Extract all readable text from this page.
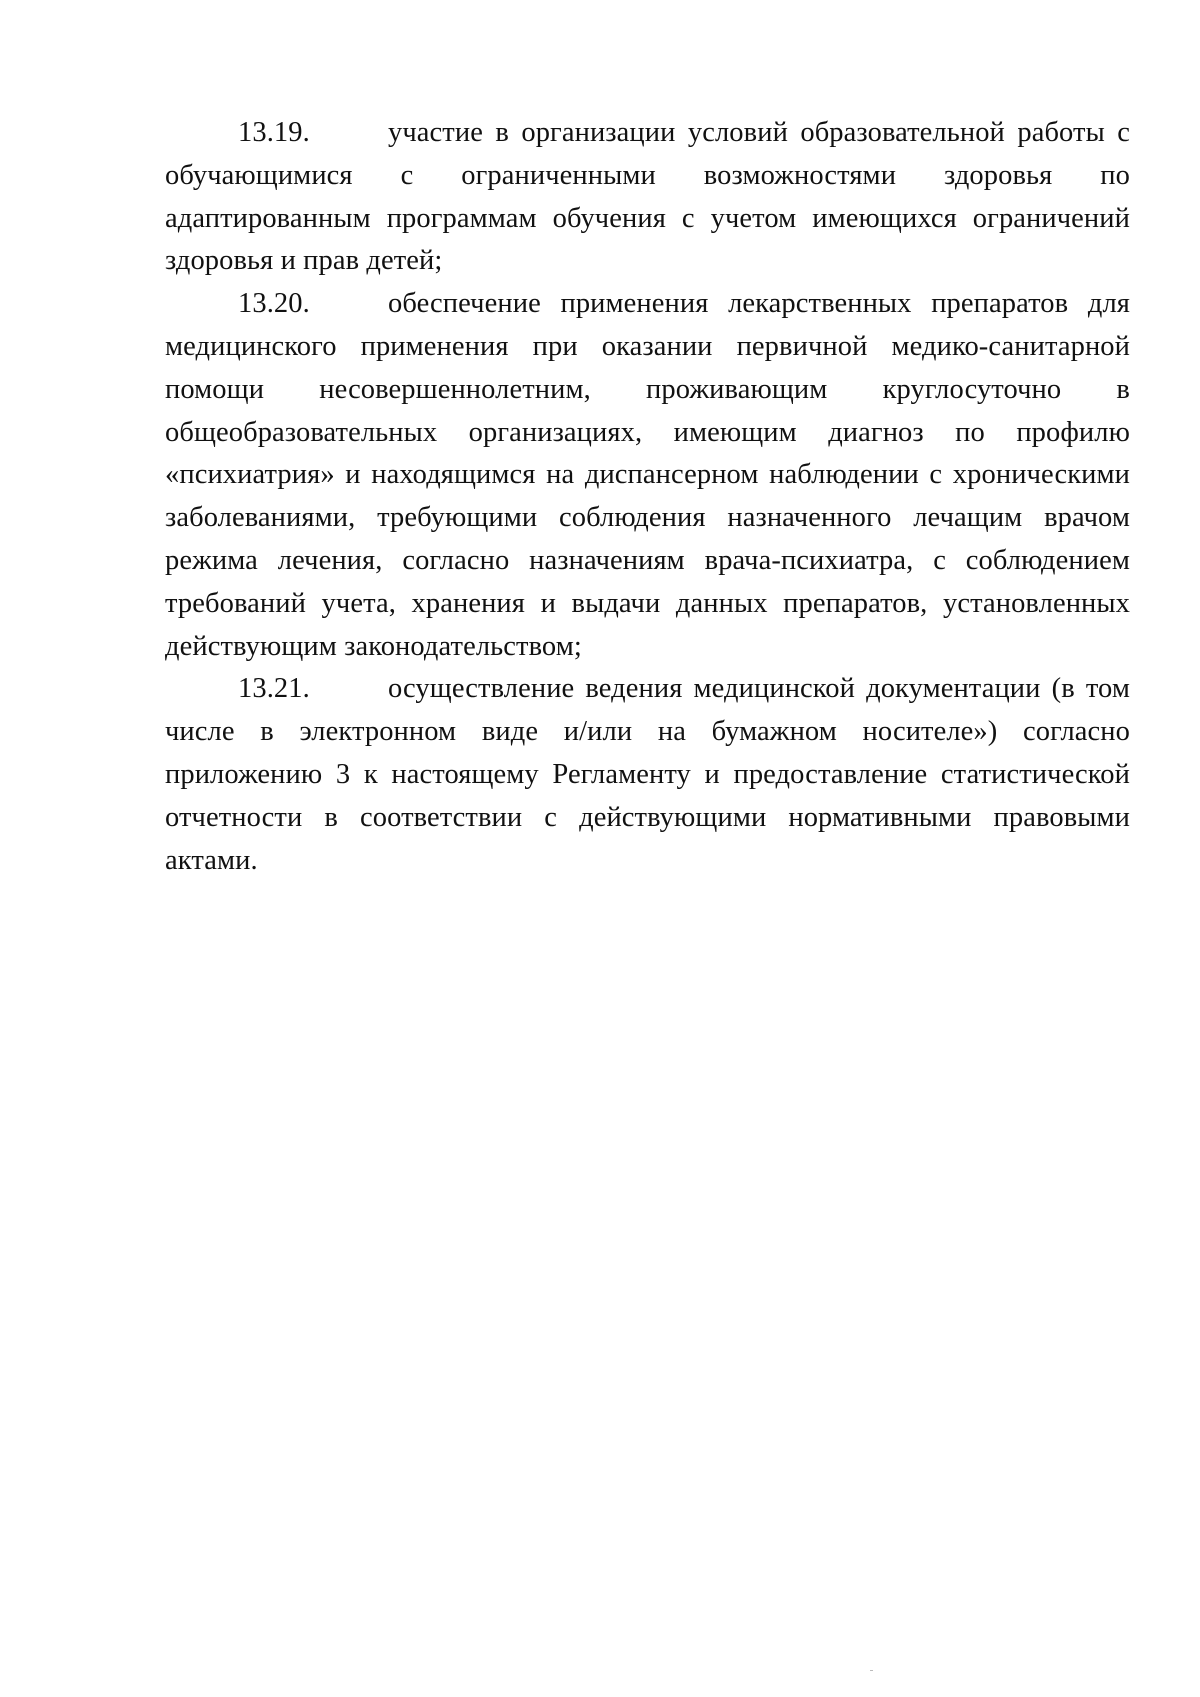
13.19.	участие в организации условий образовательной работы с обучающимися с ограниченными возможностями здоровья по адаптированным программам обучения с учетом имеющихся ограничений здоровья и прав детей;

13.20.	обеспечение применения лекарственных препаратов для медицинского применения при оказании первичной медико-санитарной помощи несовершеннолетним, проживающим круглосуточно в общеобразовательных организациях, имеющим диагноз по профилю «психиатрия» и находящимся на диспансерном наблюдении с хроническими заболеваниями, требующими соблюдения назначенного лечащим врачом режима лечения, согласно назначениям врача-психиатра, с соблюдением требований учета, хранения и выдачи данных препаратов, установленных действующим законодательством;

13.21.	осуществление ведения медицинской документации (в том числе в электронном виде и/или на бумажном носителе») согласно приложению 3 к настоящему Регламенту и предоставление статистической отчетности в соответствии с действующими нормативными правовыми актами.
